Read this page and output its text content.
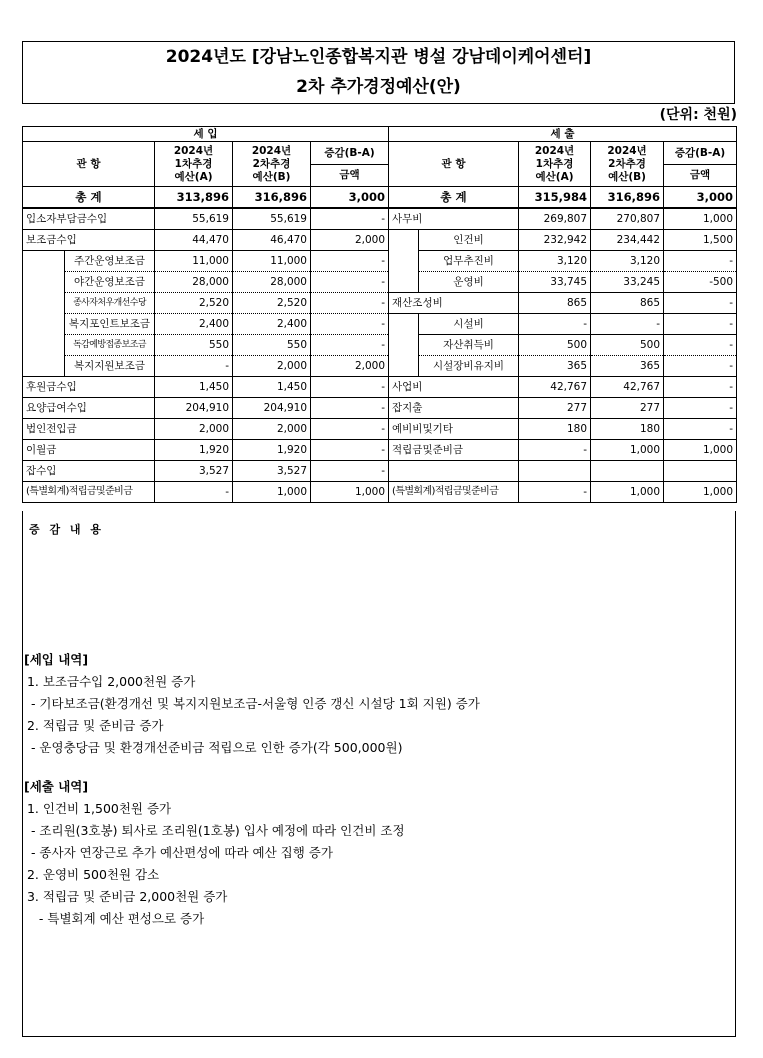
2024년도 [강남노인종합복지관 병설 강남데이케어센터]
2차 추가경정예산(안)
(단위: 천원)
세 입					세 출				
관 항		2024년
1차추경
예산(A)	2024년
2차추경
예산(B)	증감(B-A)	관 항		2024년
1차추경
예산(A)	2024년
2차추경
예산(B)	증감(B-A)
				금액					금액
총 계		313,896	316,896	3,000	총 계		315,984	316,896	3,000
입소자부담금수입		55,619	55,619	-	사무비		269,807	270,807	1,000
보조금수입		44,470	46,470	2,000		인건비	232,942	234,442	1,500
	주간운영보조금	11,000	11,000	-		업무추진비	3,120	3,120	-
	야간운영보조금	28,000	28,000	-		운영비	33,745	33,245	-500
	종사자처우개선수당	2,520	2,520	-	재산조성비		865	865	-
	복지포인트보조금	2,400	2,400	-		시설비	-	-	-
	독감예방접종보조금	550	550	-		자산취득비	500	500	-
	복지지원보조금	-	2,000	2,000		시설장비유지비	365	365	-
후원금수입		1,450	1,450	-	사업비		42,767	42,767	-
요양급여수입		204,910	204,910	-	잡지출		277	277	-
법인전입금		2,000	2,000	-	예비비및기타		180	180	-
이월금		1,920	1,920	-	적립금및준비금		-	1,000	1,000
잡수입		3,527	3,527	-					
(특별회계)적립금및준비금		-	1,000	1,000	(특별회계)적립금및준비금		-	1,000	1,000
증 감 내 용
[세입 내역]
1. 보조금수입 2,000천원 증가
- 기타보조금(환경개선 및 복지지원보조금-서울형 인증 갱신 시설당 1회 지원) 증가
2. 적립금 및 준비금 증가
- 운영충당금 및 환경개선준비금 적립으로 인한 증가(각 500,000원)
[세출 내역]
1. 인건비 1,500천원 증가
- 조리원(3호봉) 퇴사로 조리원(1호봉) 입사 예정에 따라 인건비 조정
- 종사자 연장근로 추가 예산편성에 따라 예산 집행 증가
2. 운영비 500천원 감소
3. 적립금 및 준비금 2,000천원 증가
- 특별회계 예산 편성으로 증가
